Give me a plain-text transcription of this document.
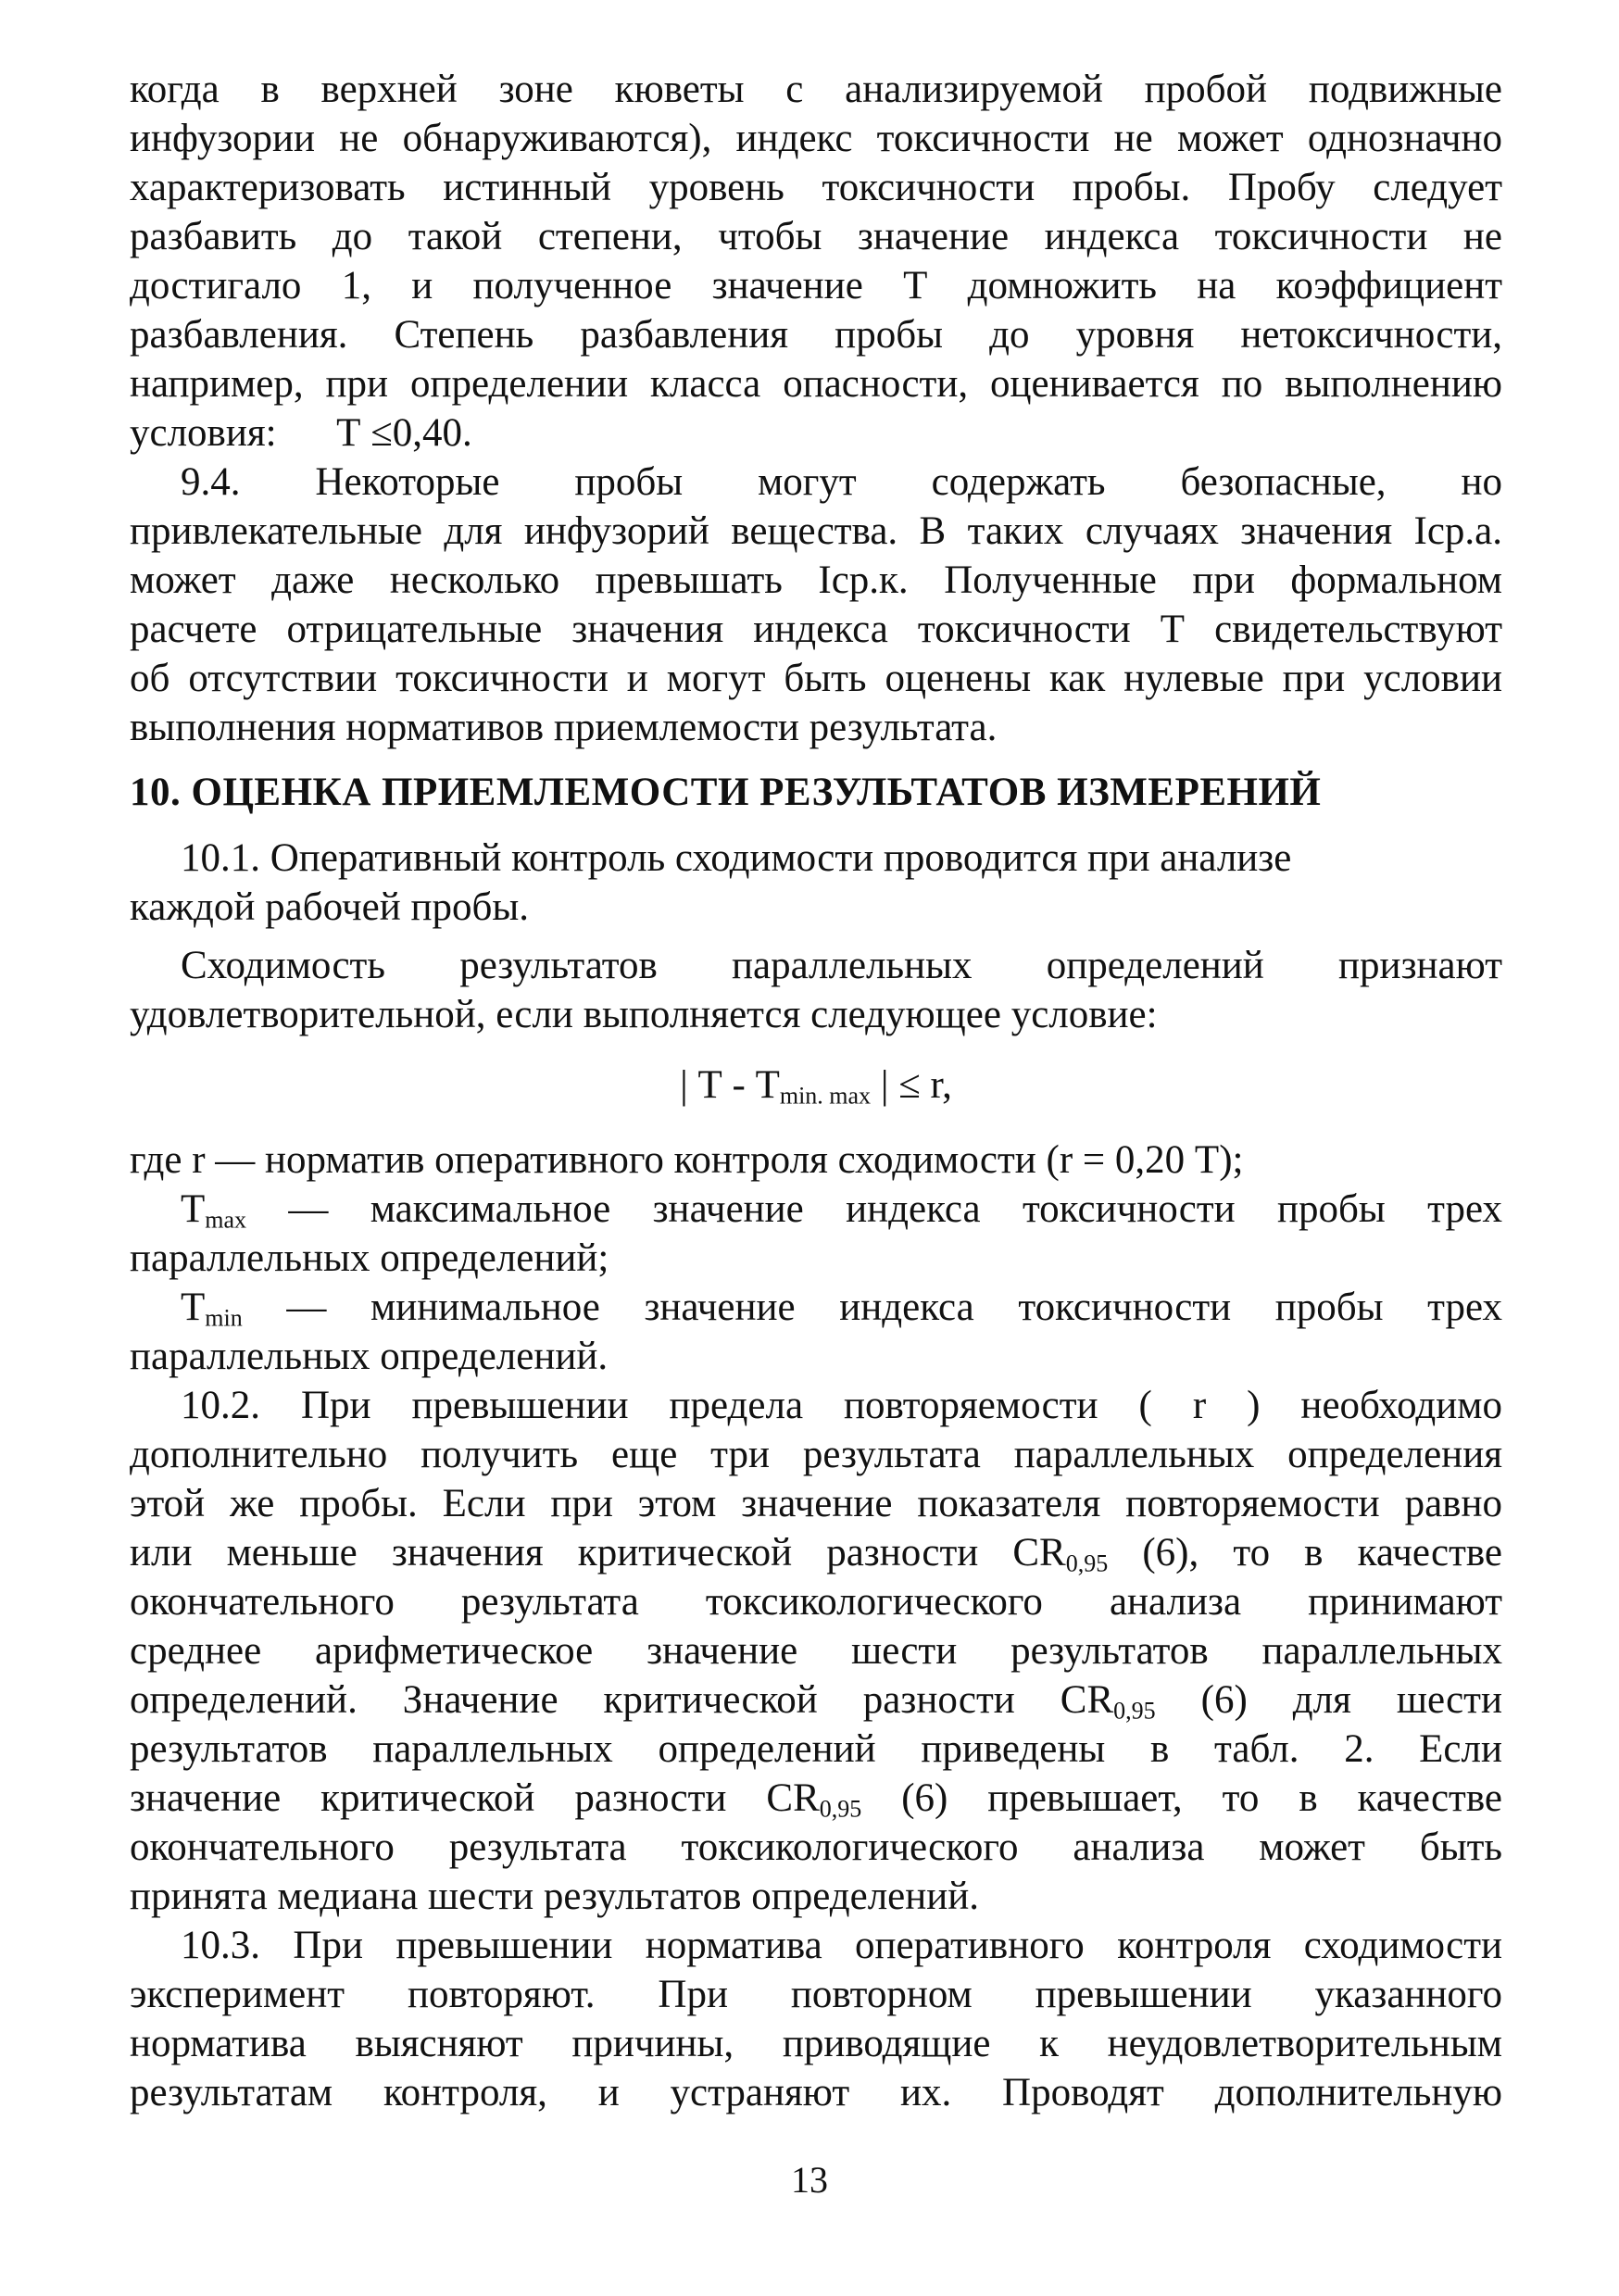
когда в верхней зоне кюветы с анализируемой пробой подвижные
инфузории не обнаруживаются), индекс токсичности не может однозначно
характеризовать истинный уровень токсичности пробы. Пробу следует
разбавить до такой степени, чтобы значение индекса токсичности не
достигало 1, и полученное значение Т домножить на коэффициент
разбавления. Степень разбавления пробы до уровня нетоксичности,
например, при определении класса опасности, оценивается по выполнению
условия:      Т ≤0,40.
9.4. Некоторые пробы могут содержать безопасные, но
привлекательные для инфузорий вещества. В таких случаях значения Iср.а.
может даже несколько превышать Iср.к. Полученные при формальном
расчете отрицательные значения индекса токсичности Т свидетельствуют
об отсутствии токсичности и могут быть оценены как нулевые при условии
выполнения нормативов приемлемости результата.
10. ОЦЕНКА ПРИЕМЛЕМОСТИ РЕЗУЛЬТАТОВ ИЗМЕРЕНИЙ
10.1. Оперативный контроль сходимости проводится при анализе
каждой рабочей пробы.
Сходимость результатов параллельных определений признают
удовлетворительной, если выполняется следующее условие:
| Т - $Т_{min. max}$ | ≤ r,
где r — норматив оперативного контроля сходимости (r = 0,20 Т);
$Т_{max}$ — максимальное значение индекса токсичности пробы трех
параллельных определений;
$Т_{min}$ — минимальное значение индекса токсичности пробы трех
параллельных определений.
10.2. При превышении предела повторяемости ( r ) необходимо
дополнительно получить еще три результата параллельных определения
этой же пробы. Если при этом значение показателя повторяемости равно
или меньше значения критической разности $CR_{0,95}$ (6), то в качестве
окончательного результата токсикологического анализа принимают
среднее арифметическое значение шести результатов параллельных
определений. Значение критической разности $CR_{0,95}$ (6) для шести
результатов параллельных определений приведены в табл. 2. Если
значение критической разности $CR_{0,95}$ (6) превышает, то в качестве
окончательного результата токсикологического анализа может быть
принята медиана шести результатов определений.
10.3. При превышении норматива оперативного контроля сходимости
эксперимент повторяют. При повторном превышении указанного
норматива выясняют причины, приводящие к неудовлетворительным
результатам контроля, и устраняют их. Проводят дополнительную
13
